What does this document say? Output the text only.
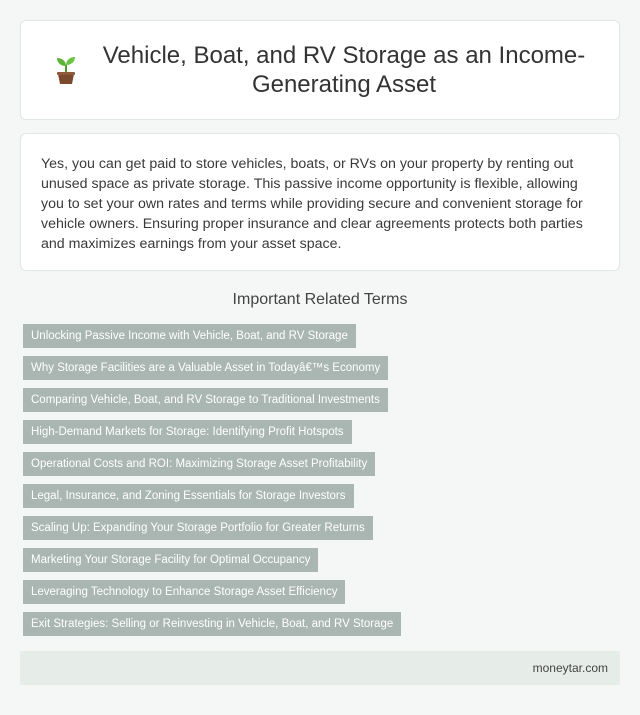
Vehicle, Boat, and RV Storage as an Income-Generating Asset

Yes, you can get paid to store vehicles, boats, or RVs on your property by renting out unused space as private storage. This passive income opportunity is flexible, allowing you to set your own rates and terms while providing secure and convenient storage for vehicle owners. Ensuring proper insurance and clear agreements protects both parties and maximizes earnings from your asset space.

Important Related Terms
Unlocking Passive Income with Vehicle, Boat, and RV Storage
Why Storage Facilities are a Valuable Asset in Todayâ€™s Economy
Comparing Vehicle, Boat, and RV Storage to Traditional Investments
High-Demand Markets for Storage: Identifying Profit Hotspots
Operational Costs and ROI: Maximizing Storage Asset Profitability
Legal, Insurance, and Zoning Essentials for Storage Investors
Scaling Up: Expanding Your Storage Portfolio for Greater Returns
Marketing Your Storage Facility for Optimal Occupancy
Leveraging Technology to Enhance Storage Asset Efficiency
Exit Strategies: Selling or Reinvesting in Vehicle, Boat, and RV Storage
moneytar.com
